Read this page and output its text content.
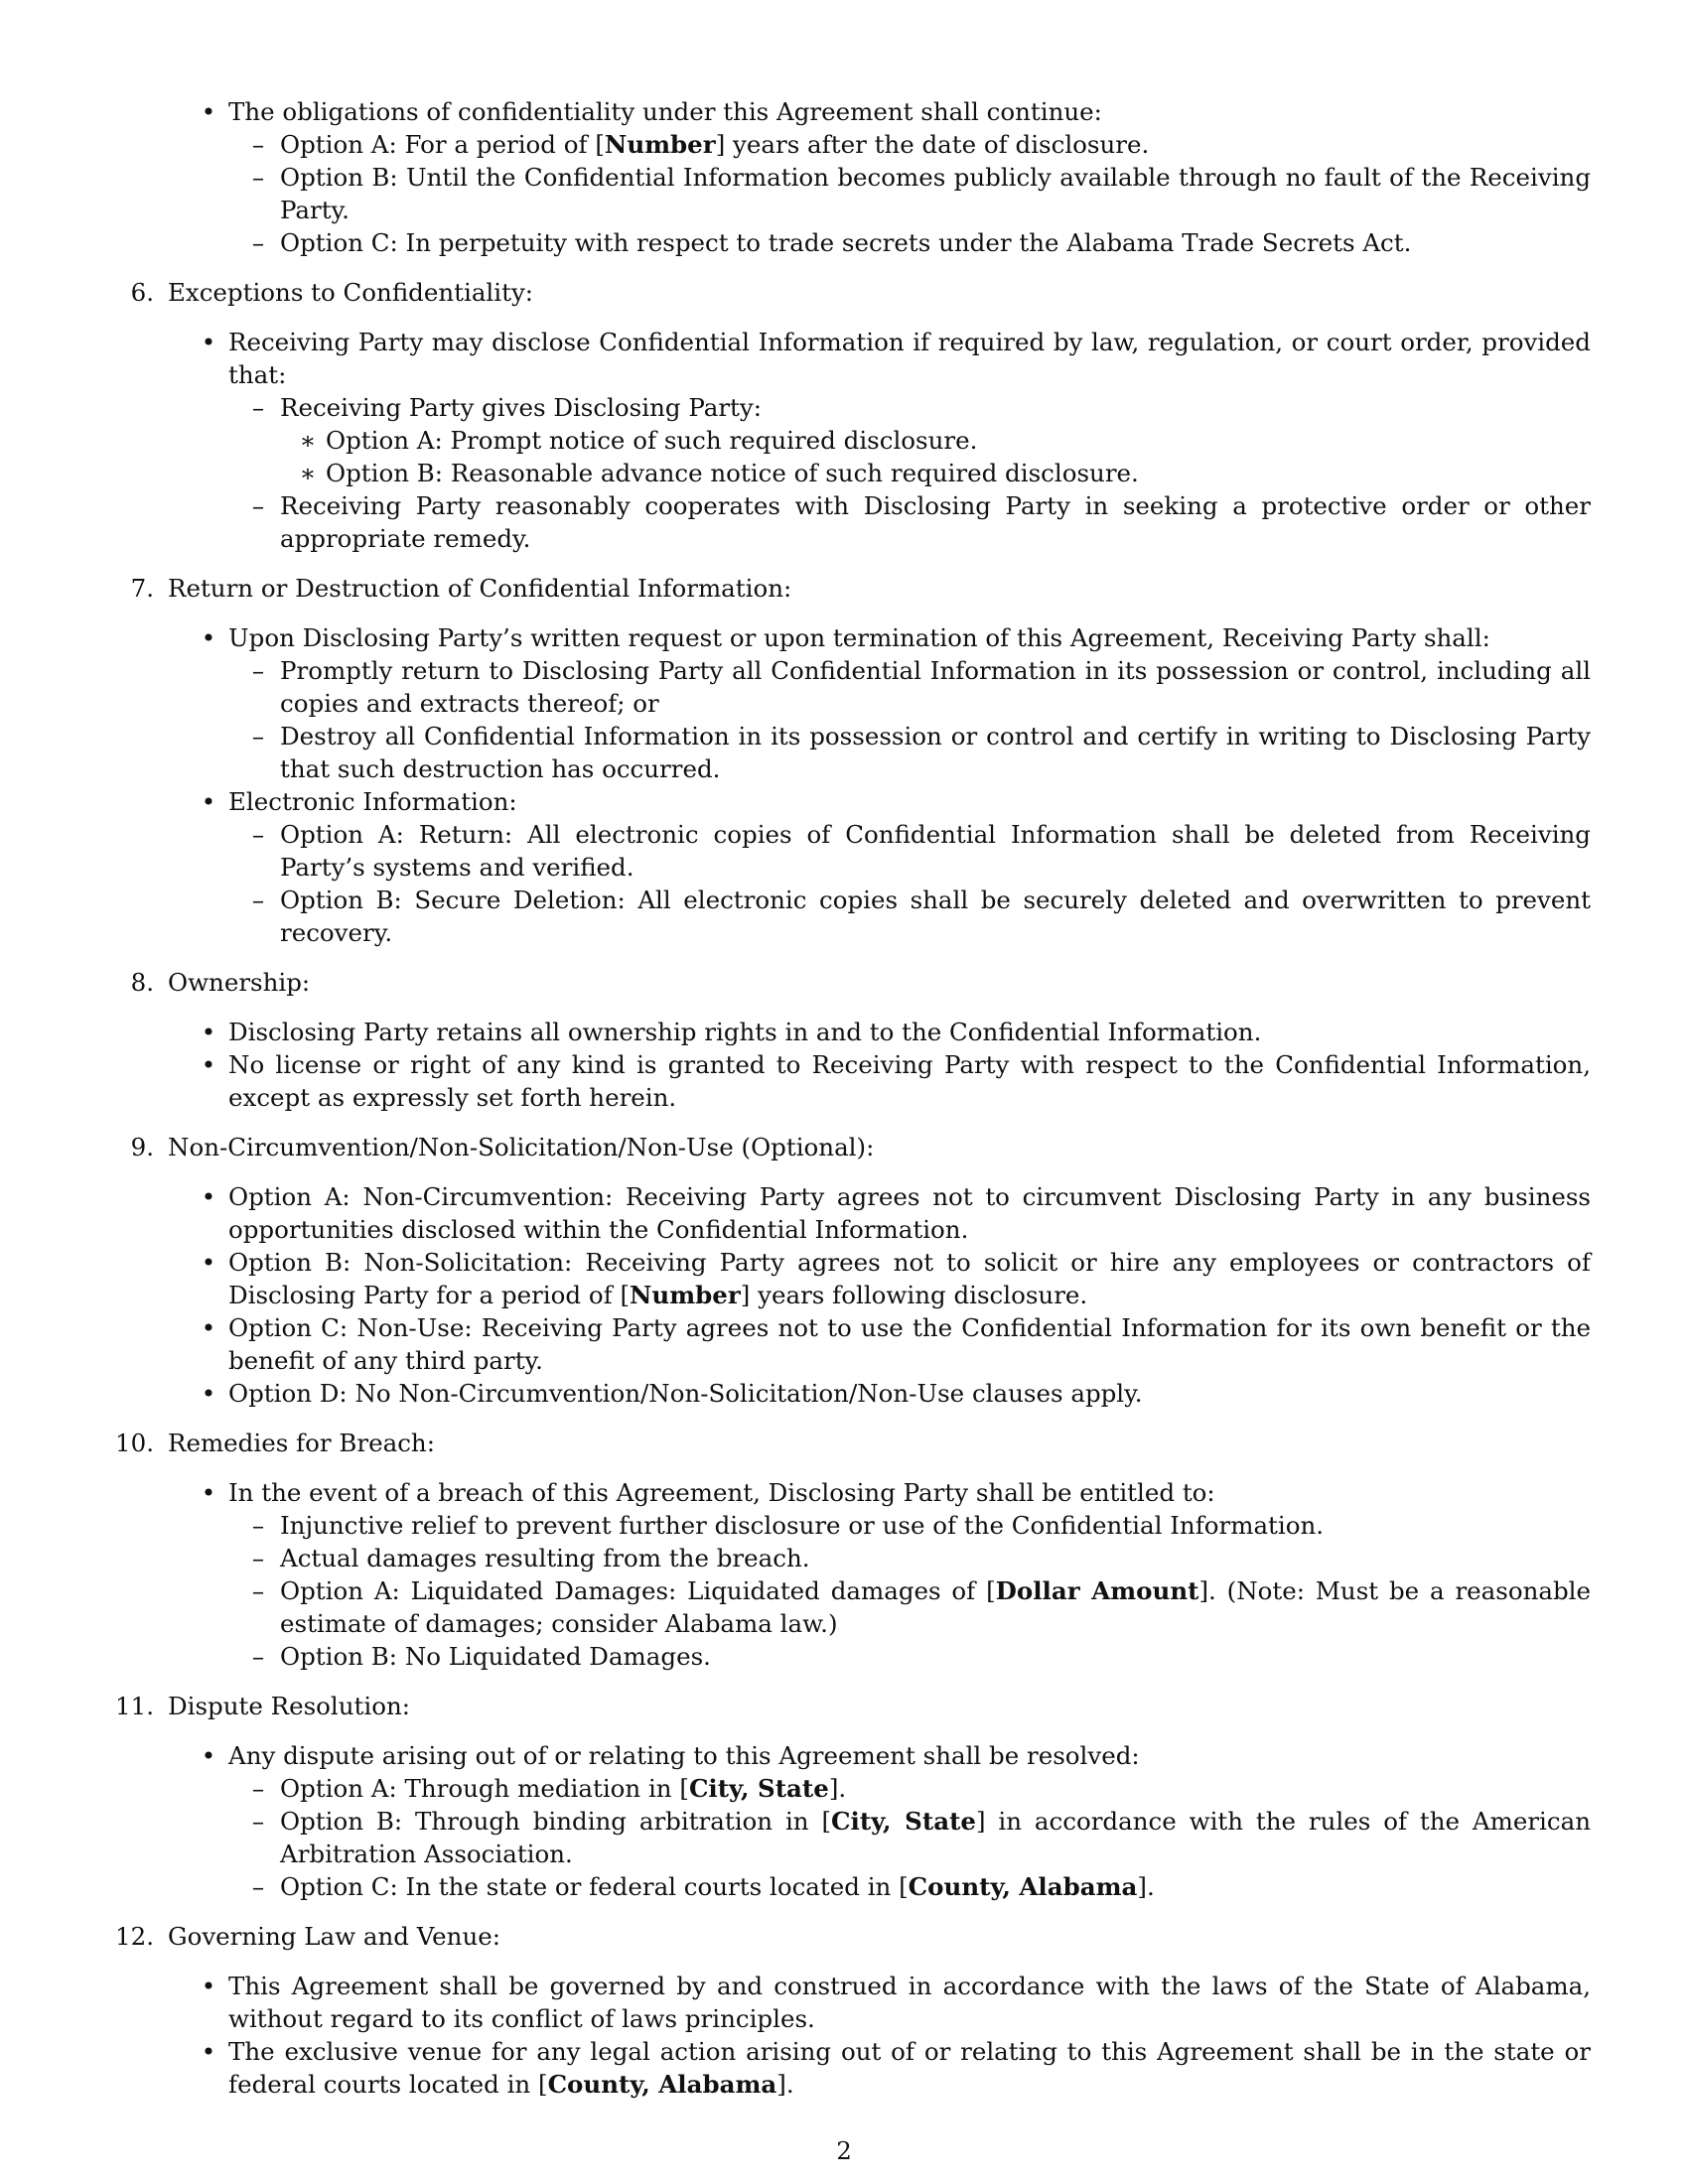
• The obligations of confidentiality under this Agreement shall continue:
– Option A: For a period of [Number] years after the date of disclosure.
– Option B: Until the Confidential Information becomes publicly available through no fault of the Receiving Party.
– Option C: In perpetuity with respect to trade secrets under the Alabama Trade Secrets Act.
6. Exceptions to Confidentiality:
• Receiving Party may disclose Confidential Information if required by law, regulation, or court order, provided that:
– Receiving Party gives Disclosing Party:
∗ Option A: Prompt notice of such required disclosure.
∗ Option B: Reasonable advance notice of such required disclosure.
– Receiving Party reasonably cooperates with Disclosing Party in seeking a protective order or other appropriate remedy.
7. Return or Destruction of Confidential Information:
• Upon Disclosing Party’s written request or upon termination of this Agreement, Receiving Party shall:
– Promptly return to Disclosing Party all Confidential Information in its possession or control, including all copies and extracts thereof; or
– Destroy all Confidential Information in its possession or control and certify in writing to Disclosing Party that such destruction has occurred.
• Electronic Information:
– Option A: Return: All electronic copies of Confidential Information shall be deleted from Receiving Party’s systems and verified.
– Option B: Secure Deletion: All electronic copies shall be securely deleted and overwritten to prevent recovery.
8. Ownership:
• Disclosing Party retains all ownership rights in and to the Confidential Information.
• No license or right of any kind is granted to Receiving Party with respect to the Confidential Information, except as expressly set forth herein.
9. Non-Circumvention/Non-Solicitation/Non-Use (Optional):
• Option A: Non-Circumvention: Receiving Party agrees not to circumvent Disclosing Party in any business opportunities disclosed within the Confidential Information.
• Option B: Non-Solicitation: Receiving Party agrees not to solicit or hire any employees or contractors of Disclosing Party for a period of [Number] years following disclosure.
• Option C: Non-Use: Receiving Party agrees not to use the Confidential Information for its own benefit or the benefit of any third party.
• Option D: No Non-Circumvention/Non-Solicitation/Non-Use clauses apply.
10. Remedies for Breach:
• In the event of a breach of this Agreement, Disclosing Party shall be entitled to:
– Injunctive relief to prevent further disclosure or use of the Confidential Information.
– Actual damages resulting from the breach.
– Option A: Liquidated Damages: Liquidated damages of [Dollar Amount]. (Note: Must be a reasonable estimate of damages; consider Alabama law.)
– Option B: No Liquidated Damages.
11. Dispute Resolution:
• Any dispute arising out of or relating to this Agreement shall be resolved:
– Option A: Through mediation in [City, State].
– Option B: Through binding arbitration in [City, State] in accordance with the rules of the American Arbitration Association.
– Option C: In the state or federal courts located in [County, Alabama].
12. Governing Law and Venue:
• This Agreement shall be governed by and construed in accordance with the laws of the State of Alabama, without regard to its conflict of laws principles.
• The exclusive venue for any legal action arising out of or relating to this Agreement shall be in the state or federal courts located in [County, Alabama].
2
